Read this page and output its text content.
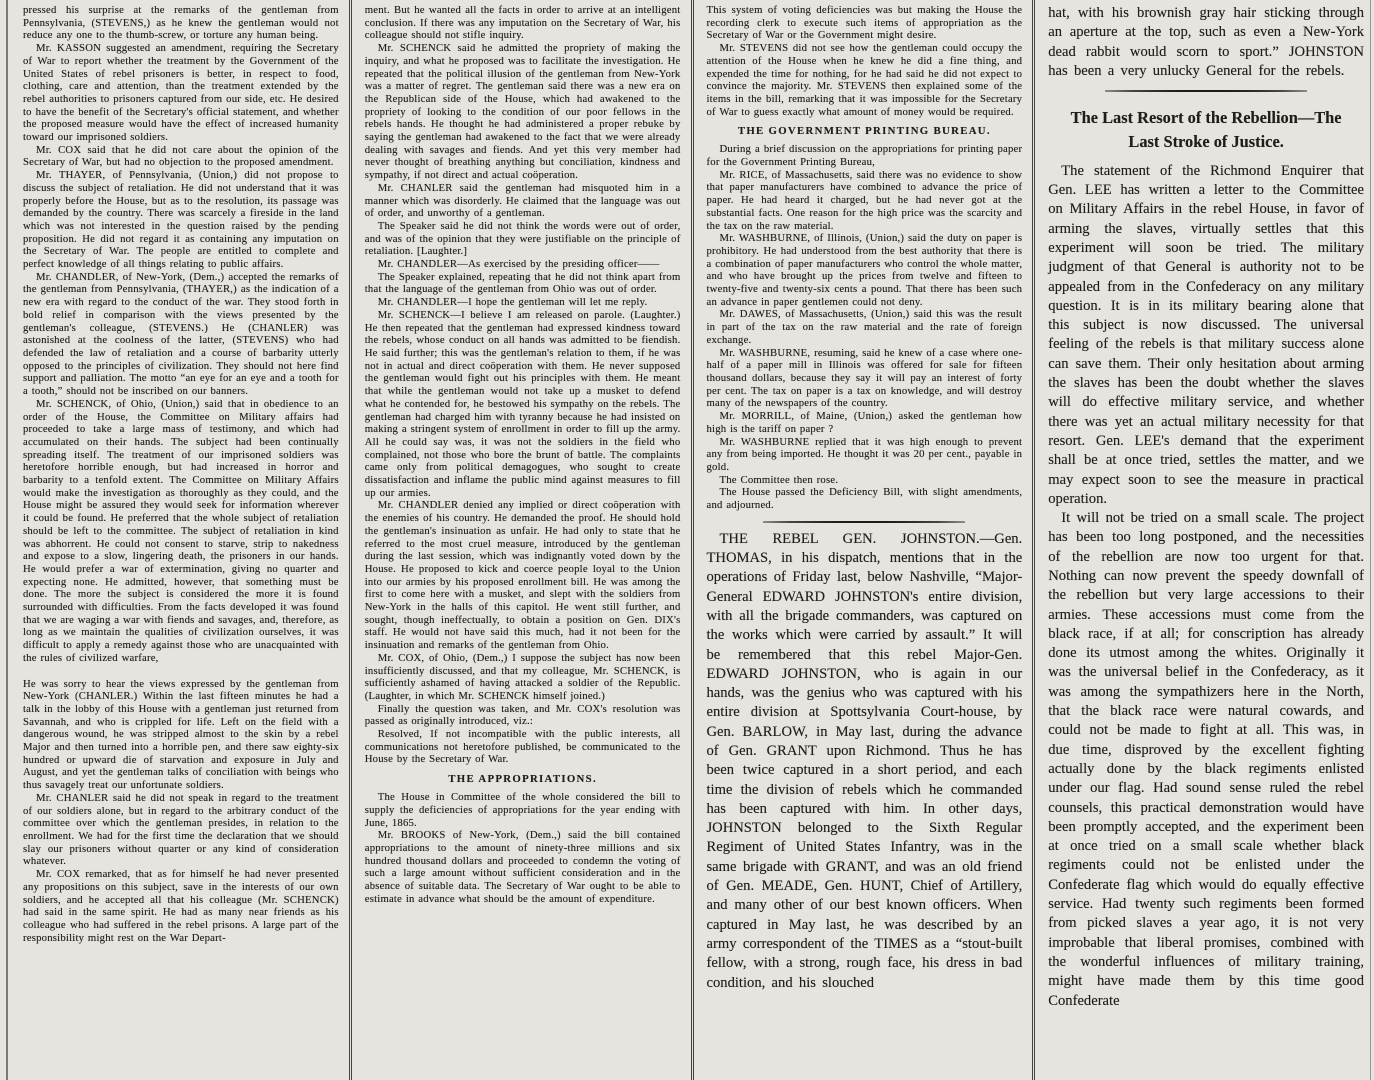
pressed his surprise at the remarks of the gentleman from Pennsylvania, (STEVENS,) as he knew the gentleman would not reduce any one to the thumb-screw, or torture any human being.

Mr. KASSON suggested an amendment, requiring the Secretary of War to report whether the treatment by the Government of the United States of rebel prisoners is better, in respect to food, clothing, care and attention, than the treatment extended by the rebel authorities to prisoners captured from our side, etc. He desired to have the benefit of the Secretary's official statement, and whether the proposed measure would have the effect of increased humanity toward our imprisoned soldiers.

Mr. COX said that he did not care about the opinion of the Secretary of War, but had no objection to the proposed amendment.

Mr. THAYER, of Pennsylvania, (Union,) did not propose to discuss the subject of retaliation. He did not understand that it was properly before the House, but as to the resolution, its passage was demanded by the country. There was scarcely a fireside in the land which was not interested in the question raised by the pending proposition. He did not regard it as containing any imputation on the Secretary of War. The people are entitled to complete and perfect knowledge of all things relating to public affairs.

Mr. CHANDLER, of New-York, (Dem.,) accepted the remarks of the gentleman from Pennsylvania, (THAYER,) as the indication of a new era with regard to the conduct of the war. They stood forth in bold relief in comparison with the views presented by the gentleman's colleague, (STEVENS.) He (CHANLER) was astonished at the coolness of the latter, (STEVENS) who had defended the law of retaliation and a course of barbarity utterly opposed to the principles of civilization. They should not here find support and palliation. The motto “an eye for an eye and a tooth for a tooth,” should not be inscribed on our banners.

Mr. SCHENCK, of Ohio, (Union,) said that in obedience to an order of the House, the Committee on Military affairs had proceeded to take a large mass of testimony, and which had accumulated on their hands. The subject had been continually spreading itself. The treatment of our imprisoned soldiers was heretofore horrible enough, but had increased in horror and barbarity to a tenfold extent. The Committee on Military Affairs would make the investigation as thoroughly as they could, and the House might be assured they would seek for information wherever it could be found. He preferred that the whole subject of retaliation should be left to the committee. The subject of retaliation in kind was abhorrent. He could not consent to starve, strip to nakedness and expose to a slow, lingering death, the prisoners in our hands. He would prefer a war of extermination, giving no quarter and expecting none. He admitted, however, that something must be done. The more the subject is considered the more it is found surrounded with difficulties. From the facts developed it was found that we are waging a war with fiends and savages, and, therefore, as long as we maintain the qualities of civilization ourselves, it was difficult to apply a remedy against those who are unacquainted with the rules of civilized warfare,

He was sorry to hear the views expressed by the gentleman from New-York (CHANLER.) Within the last fifteen minutes he had a talk in the lobby of this House with a gentleman just returned from Savannah, and who is crippled for life. Left on the field with a dangerous wound, he was stripped almost to the skin by a rebel Major and then turned into a horrible pen, and there saw eighty-six hundred or upward die of starvation and exposure in July and August, and yet the gentleman talks of conciliation with beings who thus savagely treat our unfortunate soldiers.

Mr. CHANLER said he did not speak in regard to the treatment of our soldiers alone, but in regard to the arbitrary conduct of the committee over which the gentleman presides, in relation to the enrollment. We had for the first time the declaration that we should slay our prisoners without quarter or any kind of consideration whatever.

Mr. COX remarked, that as for himself he had never presented any propositions on this subject, save in the interests of our own soldiers, and he accepted all that his colleague (Mr. SCHENCK) had said in the same spirit. He had as many near friends as his colleague who had suffered in the rebel prisons. A large part of the responsibility might rest on the War Depart-

ment. But he wanted all the facts in order to arrive at an intelligent conclusion. If there was any imputation on the Secretary of War, his colleague should not stifle inquiry.

Mr. SCHENCK said he admitted the propriety of making the inquiry, and what he proposed was to facilitate the investigation. He repeated that the political illusion of the gentleman from New-York was a matter of regret. The gentleman said there was a new era on the Republican side of the House, which had awakened to the propriety of looking to the condition of our poor fellows in the rebels hands. He thought he had administered a proper rebuke by saying the gentleman had awakened to the fact that we were already dealing with savages and fiends. And yet this very member had never thought of breathing anything but conciliation, kindness and sympathy, if not direct and actual coöperation.

Mr. CHANLER said the gentleman had misquoted him in a manner which was disorderly. He claimed that the language was out of order, and unworthy of a gentleman.

The Speaker said he did not think the words were out of order, and was of the opinion that they were justifiable on the principle of retaliation. [Laughter.]

Mr. CHANDLER—As exercised by the presiding officer——

The Speaker explained, repeating that he did not think apart from that the language of the gentleman from Ohio was out of order.

Mr. CHANDLER—I hope the gentleman will let me reply.

Mr. SCHENCK—I believe I am released on parole. (Laughter.) He then repeated that the gentleman had expressed kindness toward the rebels, whose conduct on all hands was admitted to be fiendish. He said further; this was the gentleman's relation to them, if he was not in actual and direct coöperation with them. He never supposed the gentleman would fight out his principles with them. He meant that while the gentleman would not take up a musket to defend what he contended for, he bestowed his sympathy on the rebels. The gentleman had charged him with tyranny because he had insisted on making a stringent system of enrollment in order to fill up the army. All he could say was, it was not the soldiers in the field who complained, not those who bore the brunt of battle. The complaints came only from political demagogues, who sought to create dissatisfaction and inflame the public mind against measures to fill up our armies.

Mr. CHANDLER denied any implied or direct coöperation with the enemies of his country. He demanded the proof. He should hold the gentleman's insinuation as unfair. He had only to state that he referred to the most cruel measure, introduced by the gentleman during the last session, which was indignantly voted down by the House. He proposed to kick and coerce people loyal to the Union into our armies by his proposed enrollment bill. He was among the first to come here with a musket, and slept with the soldiers from New-York in the halls of this capitol. He went still further, and sought, though ineffectually, to obtain a position on Gen. DIX's staff. He would not have said this much, had it not been for the insinuation and remarks of the gentleman from Ohio.

Mr. COX, of Ohio, (Dem.,) I suppose the subject has now been insufficiently discussed, and that my colleague, Mr. SCHENCK, is sufficiently ashamed of having attacked a soldier of the Republic. (Laughter, in which Mr. SCHENCK himself joined.)

Finally the question was taken, and Mr. COX's resolution was passed as originally introduced, viz.:

Resolved, If not incompatible with the public interests, all communications not heretofore published, be communicated to the House by the Secretary of War.

THE APPROPRIATIONS.

The House in Committee of the whole considered the bill to supply the deficiencies of appropriations for the year ending with June, 1865.

Mr. BROOKS of New-York, (Dem.,) said the bill contained appropriations to the amount of ninety-three millions and six hundred thousand dollars and proceeded to condemn the voting of such a large amount without sufficient consideration and in the absence of suitable data. The Secretary of War ought to be able to estimate in advance what should be the amount of expenditure.

This system of voting deficiencies was but making the House the recording clerk to execute such items of appropriation as the Secretary of War or the Government might desire.

Mr. STEVENS did not see how the gentleman could occupy the attention of the House when he knew he did a fine thing, and expended the time for nothing, for he had said he did not expect to convince the majority. Mr. STEVENS then explained some of the items in the bill, remarking that it was impossible for the Secretary of War to guess exactly what amount of money would be required.

THE GOVERNMENT PRINTING BUREAU.

During a brief discussion on the appropriations for printing paper for the Government Printing Bureau,

Mr. RICE, of Massachusetts, said there was no evidence to show that paper manufacturers have combined to advance the price of paper. He had heard it charged, but he had never got at the substantial facts. One reason for the high price was the scarcity and the tax on the raw material.

Mr. WASHBURNE, of Illinois, (Union,) said the duty on paper is prohibitory. He had understood from the best authority that there is a combination of paper manufacturers who control the whole matter, and who have brought up the prices from twelve and fifteen to twenty-five and twenty-six cents a pound. That there has been such an advance in paper gentlemen could not deny.

Mr. DAWES, of Massachusetts, (Union,) said this was the result in part of the tax on the raw material and the rate of foreign exchange.

Mr. WASHBURNE, resuming, said he knew of a case where one-half of a paper mill in Illinois was offered for sale for fifteen thousand dollars, because they say it will pay an interest of forty per cent. The tax on paper is a tax on knowledge, and will destroy many of the newspapers of the country.

Mr. MORRILL, of Maine, (Union,) asked the gentleman how high is the tariff on paper ?

Mr. WASHBURNE replied that it was high enough to prevent any from being imported. He thought it was 20 per cent., payable in gold.

The Committee then rose.

The House passed the Deficiency Bill, with slight amendments, and adjourned.

THE REBEL GEN. JOHNSTON.—Gen. THOMAS, in his dispatch, mentions that in the operations of Friday last, below Nashville, “Major-General EDWARD JOHNSTON's entire division, with all the brigade commanders, was captured on the works which were carried by assault.” It will be remembered that this rebel Major-Gen. EDWARD JOHNSTON, who is again in our hands, was the genius who was captured with his entire division at Spottsylvania Court-house, by Gen. BARLOW, in May last, during the advance of Gen. GRANT upon Richmond. Thus he has been twice captured in a short period, and each time the division of rebels which he commanded has been captured with him. In other days, JOHNSTON belonged to the Sixth Regular Regiment of United States Infantry, was in the same brigade with GRANT, and was an old friend of Gen. MEADE, Gen. HUNT, Chief of Artillery, and many other of our best known officers. When captured in May last, he was described by an army correspondent of the TIMES as a “stout-built fellow, with a strong, rough face, his dress in bad condition, and his slouched

hat, with his brownish gray hair sticking through an aperture at the top, such as even a New-York dead rabbit would scorn to sport.” JOHNSTON has been a very unlucky General for the rebels.

The Last Resort of the Rebellion—The Last Stroke of Justice.

The statement of the Richmond Enquirer that Gen. LEE has written a letter to the Committee on Military Affairs in the rebel House, in favor of arming the slaves, virtually settles that this experiment will soon be tried. The military judgment of that General is authority not to be appealed from in the Confederacy on any military question. It is in its military bearing alone that this subject is now discussed. The universal feeling of the rebels is that military success alone can save them. Their only hesitation about arming the slaves has been the doubt whether the slaves will do effective military service, and whether there was yet an actual military necessity for that resort. Gen. LEE's demand that the experiment shall be at once tried, settles the matter, and we may expect soon to see the measure in practical operation.

It will not be tried on a small scale. The project has been too long postponed, and the necessities of the rebellion are now too urgent for that. Nothing can now prevent the speedy downfall of the rebellion but very large accessions to their armies. These accessions must come from the black race, if at all; for conscription has already done its utmost among the whites. Originally it was the universal belief in the Confederacy, as it was among the sympathizers here in the North, that the black race were natural cowards, and could not be made to fight at all. This was, in due time, disproved by the excellent fighting actually done by the black regiments enlisted under our flag. Had sound sense ruled the rebel counsels, this practical demonstration would have been promptly accepted, and the experiment been at once tried on a small scale whether black regiments could not be enlisted under the Confederate flag which would do equally effective service. Had twenty such regiments been formed from picked slaves a year ago, it is not very improbable that liberal promises, combined with the wonderful influences of military training, might have made them by this time good Confederate
